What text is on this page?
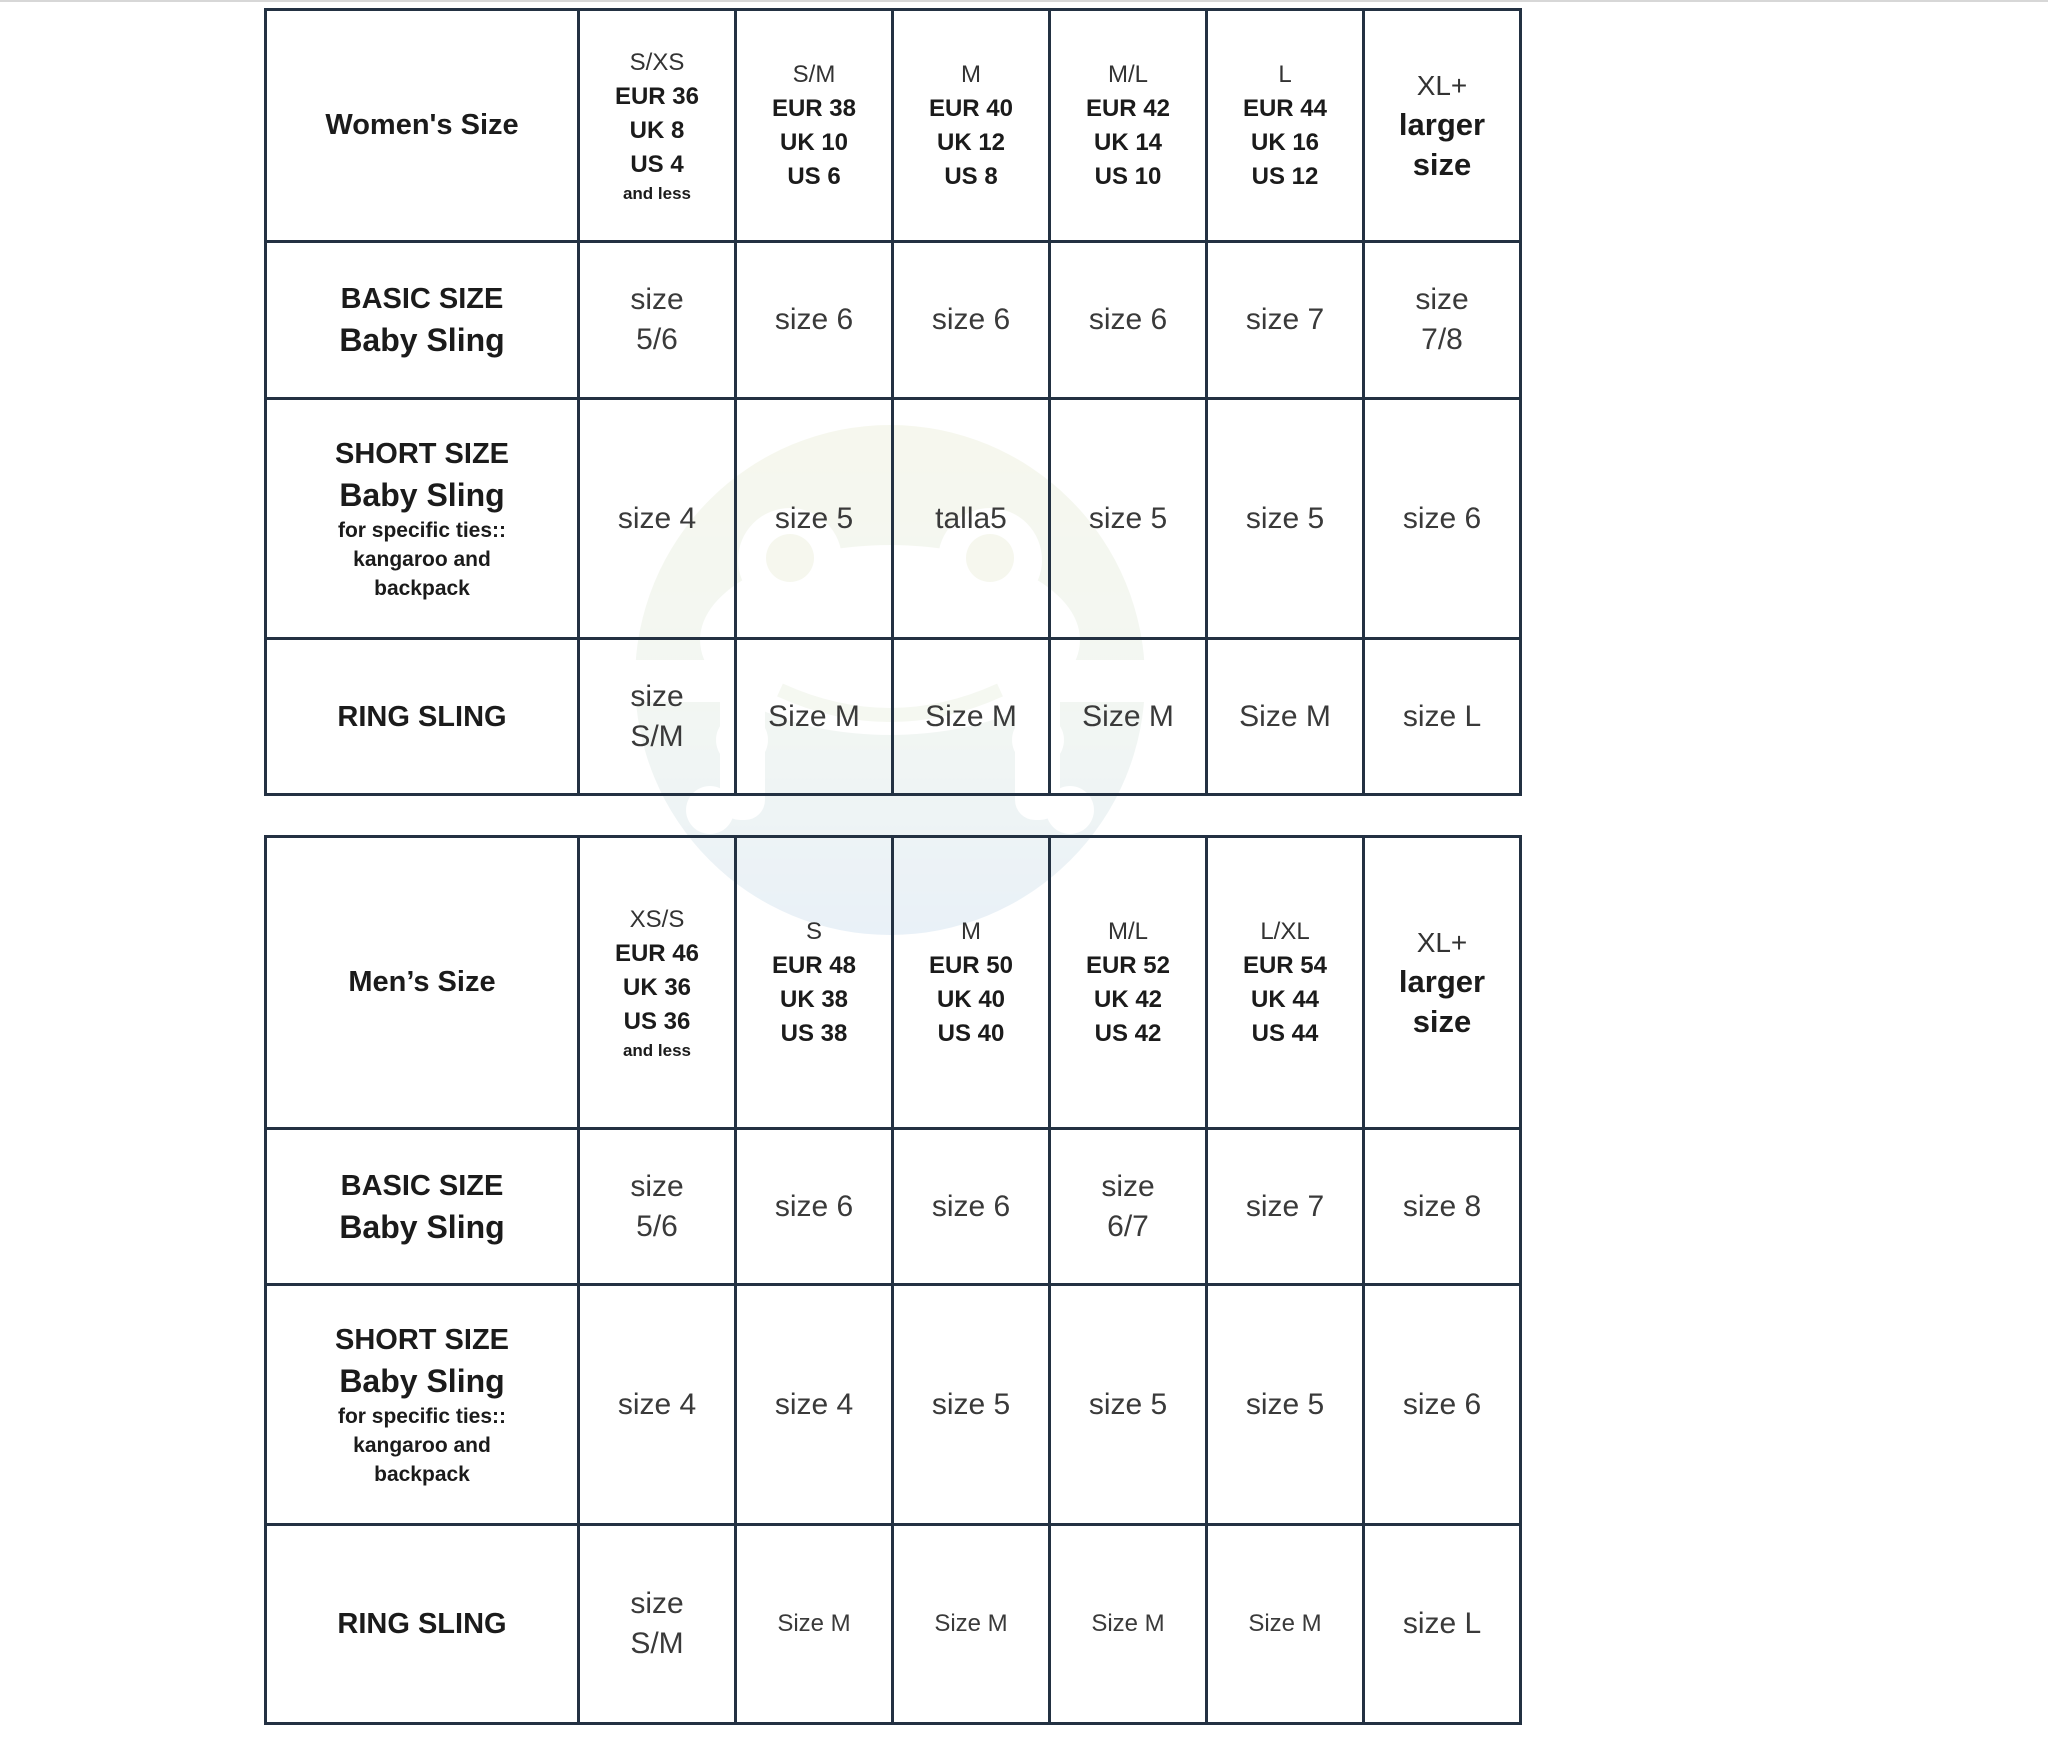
Women's Size	S/XS
EUR 36
UK 8
US 4
and less	S/M
EUR 38
UK 10
US 6	M
EUR 40
UK 12
US 8	M/L
EUR 42
UK 14
US 10	L
EUR 44
UK 16
US 12	XL+
larger
size

BASIC SIZE
Baby Sling	size
5/6	size 6	size 6	size 6	size 7	size
7/8

SHORT SIZE
Baby Sling
for specific ties::
kangaroo and
backpack	size 4	size 5	talla5	size 5	size 5	size 6
RING SLING	size
S/M	Size M	Size M	Size M	Size M	size L
Men’s Size	XS/S
EUR 46
UK 36
US 36
and less	S
EUR 48
UK 38
US 38	M
EUR 50
UK 40
US 40	M/L
EUR 52
UK 42
US 42	L/XL
EUR 54
UK 44
US 44	XL+
larger
size

BASIC SIZE
Baby Sling	size
5/6	size 6	size 6	size
6/7	size 7	size 8

SHORT SIZE
Baby Sling
for specific ties::
kangaroo and
backpack	size 4	size 4	size 5	size 5	size 5	size 6
RING SLING	size
S/M	Size M	Size M	Size M	Size M	size L
